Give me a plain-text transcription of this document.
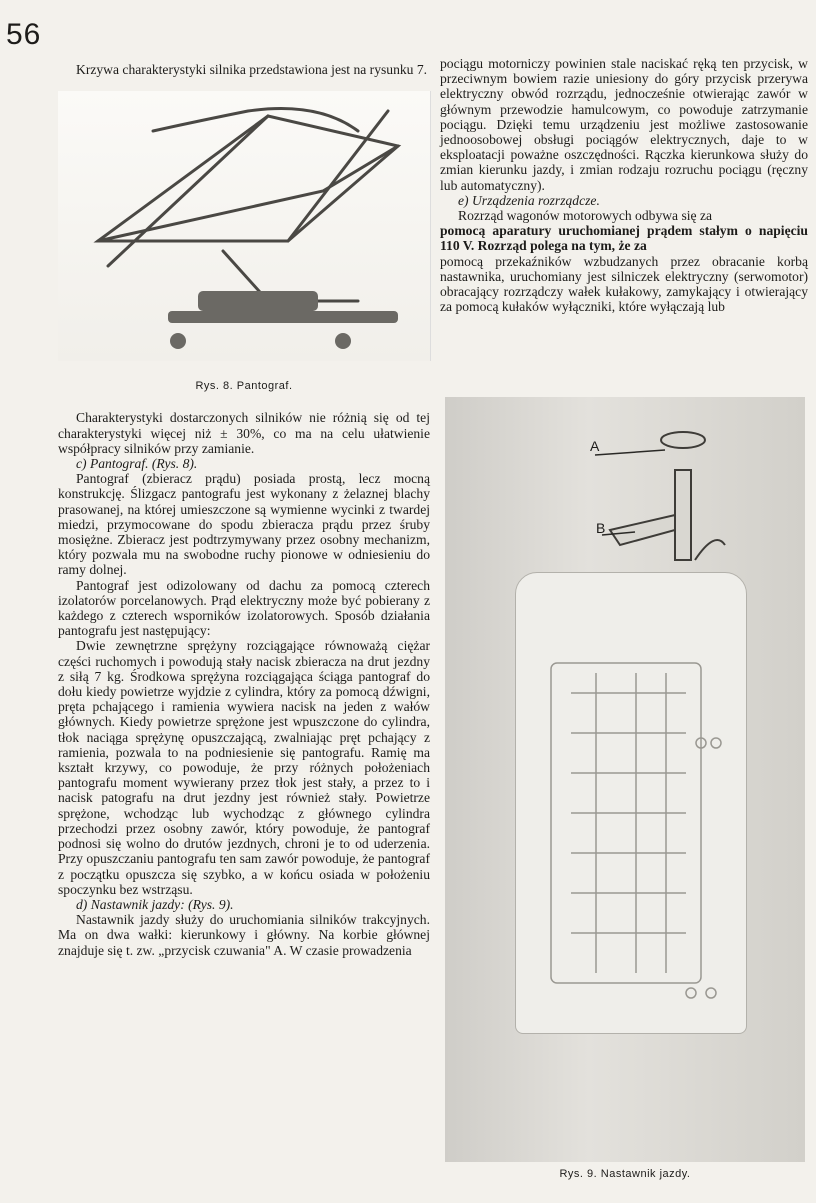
56

Krzywa charakterystyki silnika przedstawiona jest na rysunku 7.

Rys. 8. Pantograf.

Charakterystyki dostarczonych silników nie różnią się od tej charakterystyki więcej niż ± 30%, co ma na celu ułatwienie współpracy silników przy zamianie.

c) Pantograf. (Rys. 8).

Pantograf (zbieracz prądu) posiada prostą, lecz mocną konstrukcję. Ślizgacz pantografu jest wykonany z żelaznej blachy prasowanej, na której umieszczone są wymienne wycinki z twardej miedzi, przymocowane do spodu zbieracza prądu przez śruby mosiężne. Zbieracz jest podtrzymywany przez osobny mechanizm, który pozwala mu na swobodne ruchy pionowe w odniesieniu do ramy dolnej.

Pantograf jest odizolowany od dachu za pomocą czterech izolatorów porcelanowych. Prąd elektryczny może być pobierany z każdego z czterech wsporników izolatorowych. Sposób działania pantografu jest następujący:

Dwie zewnętrzne sprężyny rozciągające równoważą ciężar części ruchomych i powodują stały nacisk zbieracza na drut jezdny z siłą 7 kg. Środkowa sprężyna rozciągająca ściąga pantograf do dołu kiedy powietrze wyjdzie z cylindra, który za pomocą dźwigni, pręta pchającego i ramienia wywiera nacisk na jeden z wałów głównych. Kiedy powietrze sprężone jest wpuszczone do cylindra, tłok naciąga sprężynę opuszczającą, zwalniając pręt pchający z ramienia, pozwala to na podniesienie się pantografu. Ramię ma kształt krzywy, co powoduje, że przy różnych położeniach pantografu moment wywierany przez tłok jest stały, a przez to i nacisk patografu na drut jezdny jest również stały. Powietrze sprężone, wchodząc lub wychodząc z głównego cylindra przechodzi przez osobny zawór, który powoduje, że pantograf podnosi się wolno do drutów jezdnych, chroni je to od uderzenia. Przy opuszczaniu pantografu ten sam zawór powoduje, że pantograf z początku opuszcza się szybko, a w końcu osiada w położeniu spoczynku bez wstrząsu.

d) Nastawnik jazdy: (Rys. 9).

Nastawnik jazdy służy do uruchomiania silników trakcyjnych. Ma on dwa wałki: kierunkowy i główny. Na korbie głównej znajduje się t. zw. „przycisk czuwania" A. W czasie prowadzenia

pociągu motorniczy powinien stale naciskać ręką ten przycisk, w przeciwnym bowiem razie uniesiony do góry przycisk przerywa elektryczny obwód rozrządu, jednocześnie otwierając zawór w głównym przewodzie hamulcowym, co powoduje zatrzymanie pociągu. Dzięki temu urządzeniu jest możliwe zastosowanie jednoosobowej obsługi pociągów elektrycznych, daje to w eksploatacji poważne oszczędności. Rączka kierunkowa służy do zmian kierunku jazdy, i zmian rodzaju rozruchu pociągu (ręczny lub automatyczny).

e) Urządzenia rozrządcze.

Rozrząd wagonów motorowych odbywa się za

pomocą aparatury uruchomianej prądem stałym o napięciu 110 V. Rozrząd polega na tym, że za

pomocą przekaźników wzbudzanych przez obracanie korbą nastawnika, uruchomiany jest silniczek elektryczny (serwomotor) obracający rozrządczy wałek kułakowy, zamykający i otwierający za pomocą kułaków wyłączniki, które wyłączają lub

A
B
Rys. 9. Nastawnik jazdy.
